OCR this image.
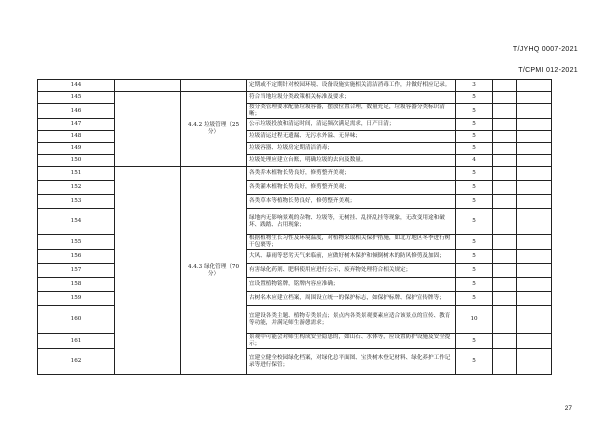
T/JYHQ 0007-2021
T/CPMI 012-2021
144			定期或不定期针对校园环境、设备设施实施相关清洁消毒工作，并做好相应记录。	3		
145		4.4.2 垃圾管理（25 分）	符合当地垃圾分类政策相关标准及要求；	5		
146			按分类管理要求配备垃圾容器，摆放位置合理，数量充足，垃圾容器分类标识清晰；	5		
147			公示垃圾投放和清运时间，清运频次满足需求，日产日清；	5		
148			垃圾清运过程无遗漏、无污水外溢、无异味；	5		
149			垃圾容器、垃圾房定期清洁消毒；	5		
150			垃圾处理应建立台账，明确垃圾的去向及数量。	4		
151		4.4.3 绿化管理（70 分）	各类乔木植物长势良好，修剪整齐美观；	5		
152			各类灌木植物长势良好，修剪整齐美观；	5		
153			各类草本等植物长势良好，修剪整齐美观；	5		
154			绿地内无影响景观的杂物、垃圾等，无树挂、乱挤乱挂等现象，无改变用途和破坏、践踏、占用现象；	5		
155			根据植物生长习性及环境温度，对植物采取相关保护措施，如北方地区冬季进行树干包裹等；	5		
156			大风、暴雨等恶劣天气来临前，应做好树木保护和倾倒树木的防风修剪及加固；	5		
157			有害绿化药剂、肥料使用应进行公示，废弃物处理符合相关规定；	5		
158			宜设置植物铭牌，铭牌内容应准确；	5		
159			古树名木应建立档案，周围设立统一的保护标志，如保护标牌、保护宣传牌等；	5		
160			宜建设各类主题、植物专类景点；景点内各类景观要素应适合该景点的宣传、教育等功能，并满足师生游憩需求；	10		
161			景观中可能会对师生构成安全隐患的，如山石、水体等，应设置防护设施及安全提示；	5		
162			宜建立健全校园绿化档案，对绿化总平面图、宝贵树木登记材料、绿化养护工作记录等进行保管；	5		
27
